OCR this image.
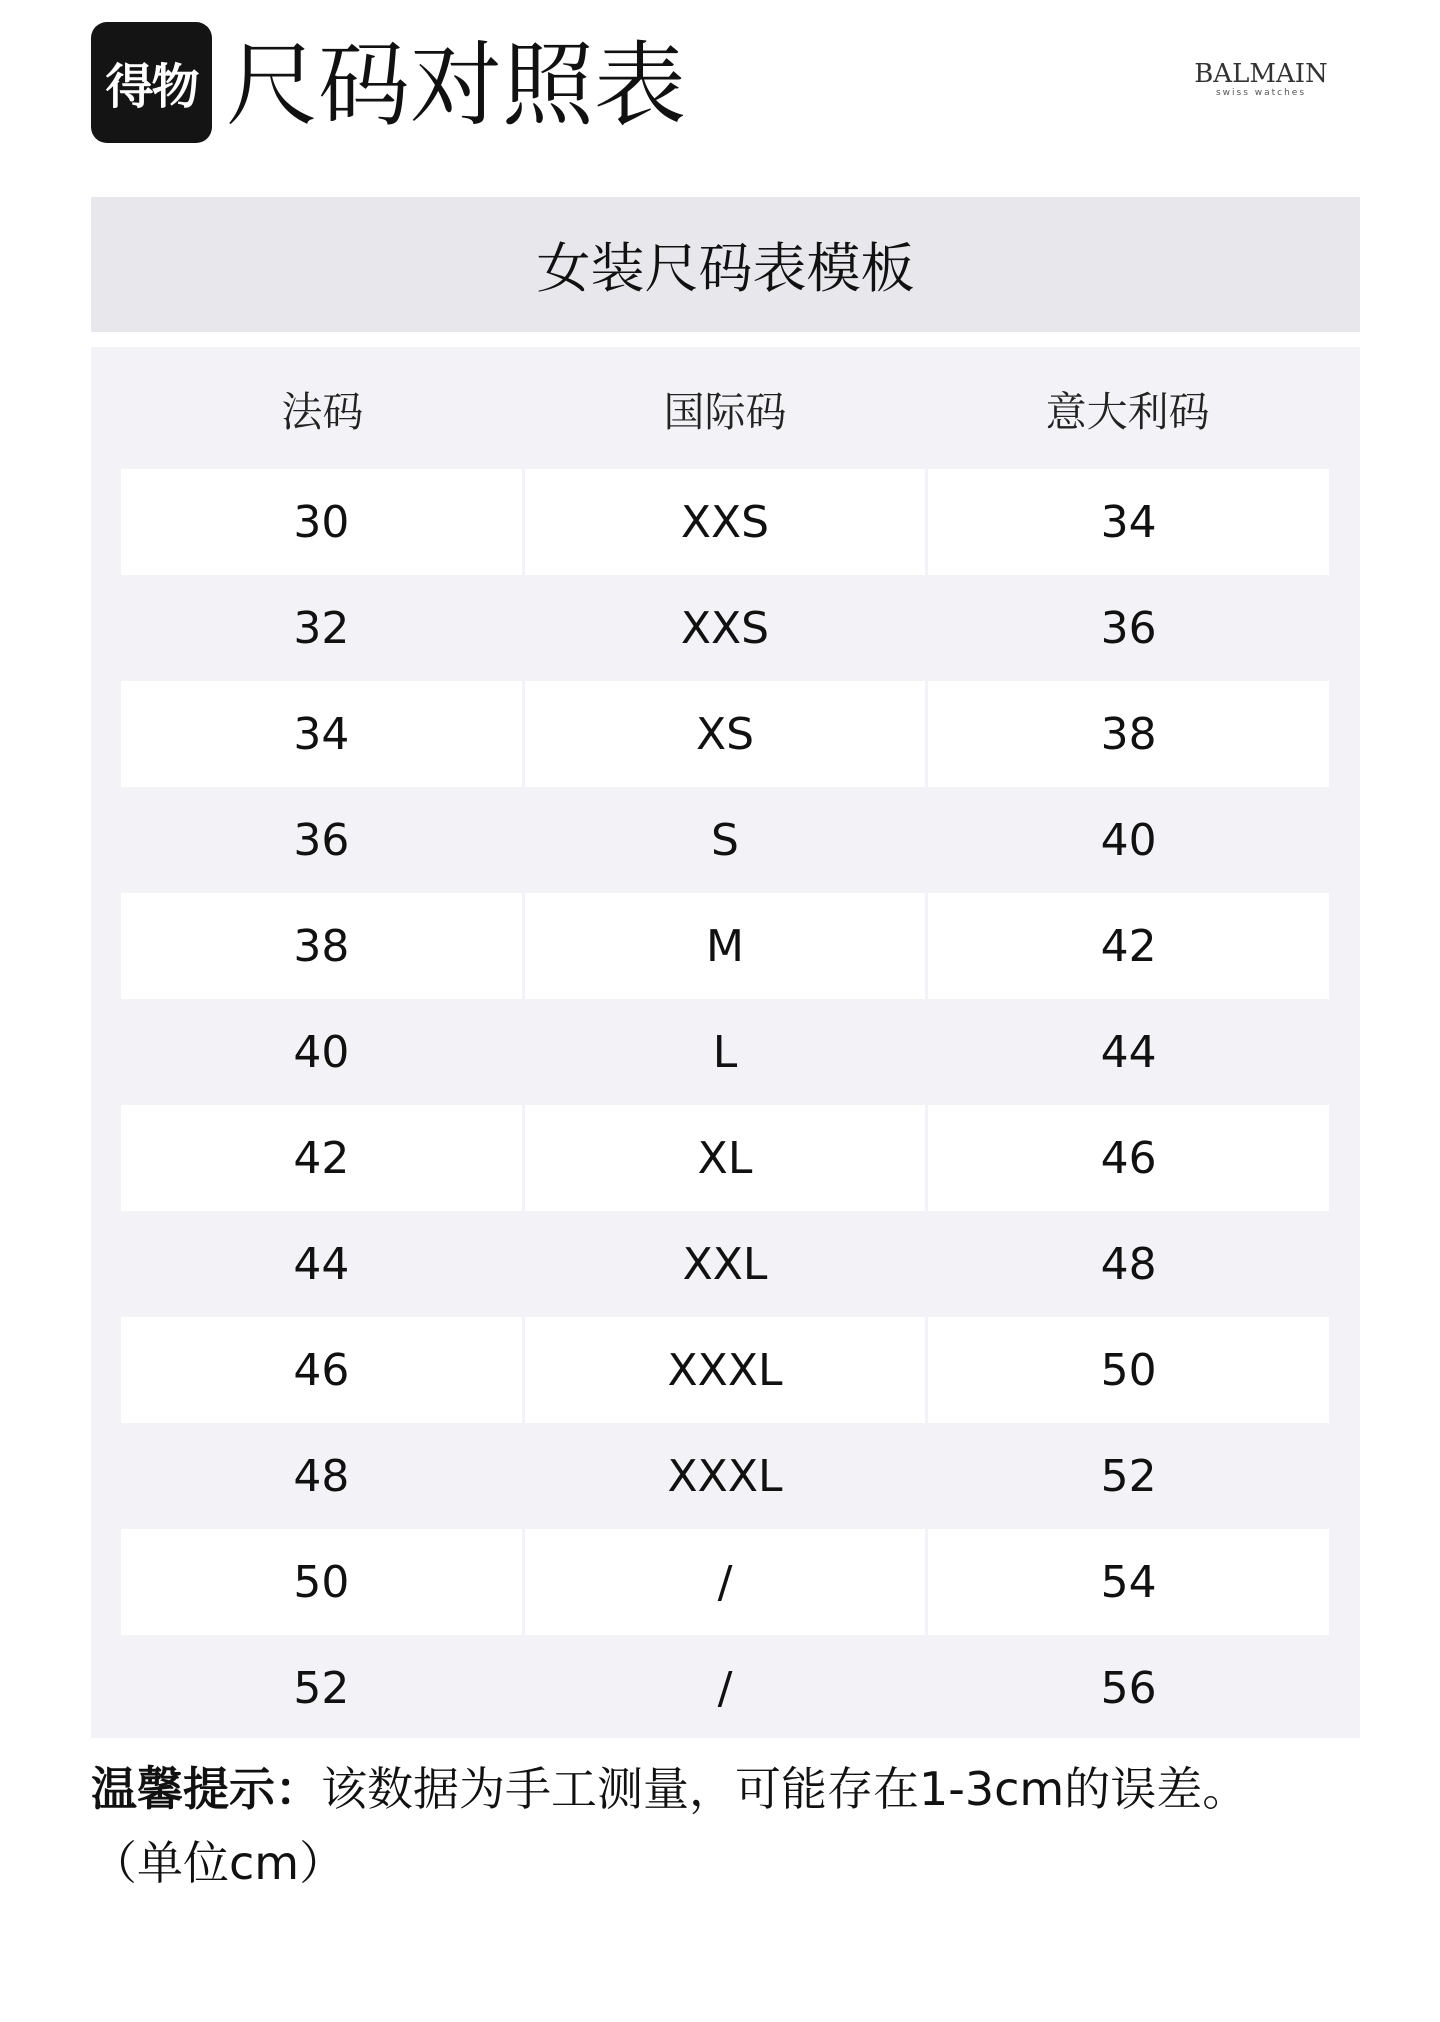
得物 尺码对照表	BALMAIN
swiss watches
女装尺码表模板
法码	国际码	意大利码
30	XXS	34
32	XXS	36
34	XS	38
36	S	40
38	M	42
40	L	44
42	XL	46
44	XXL	48
46	XXXL	50
48	XXXL	52
50	/	54
52	/	56
温馨提示：该数据为手工测量，可能存在1-3cm的误差。
（单位cm）
